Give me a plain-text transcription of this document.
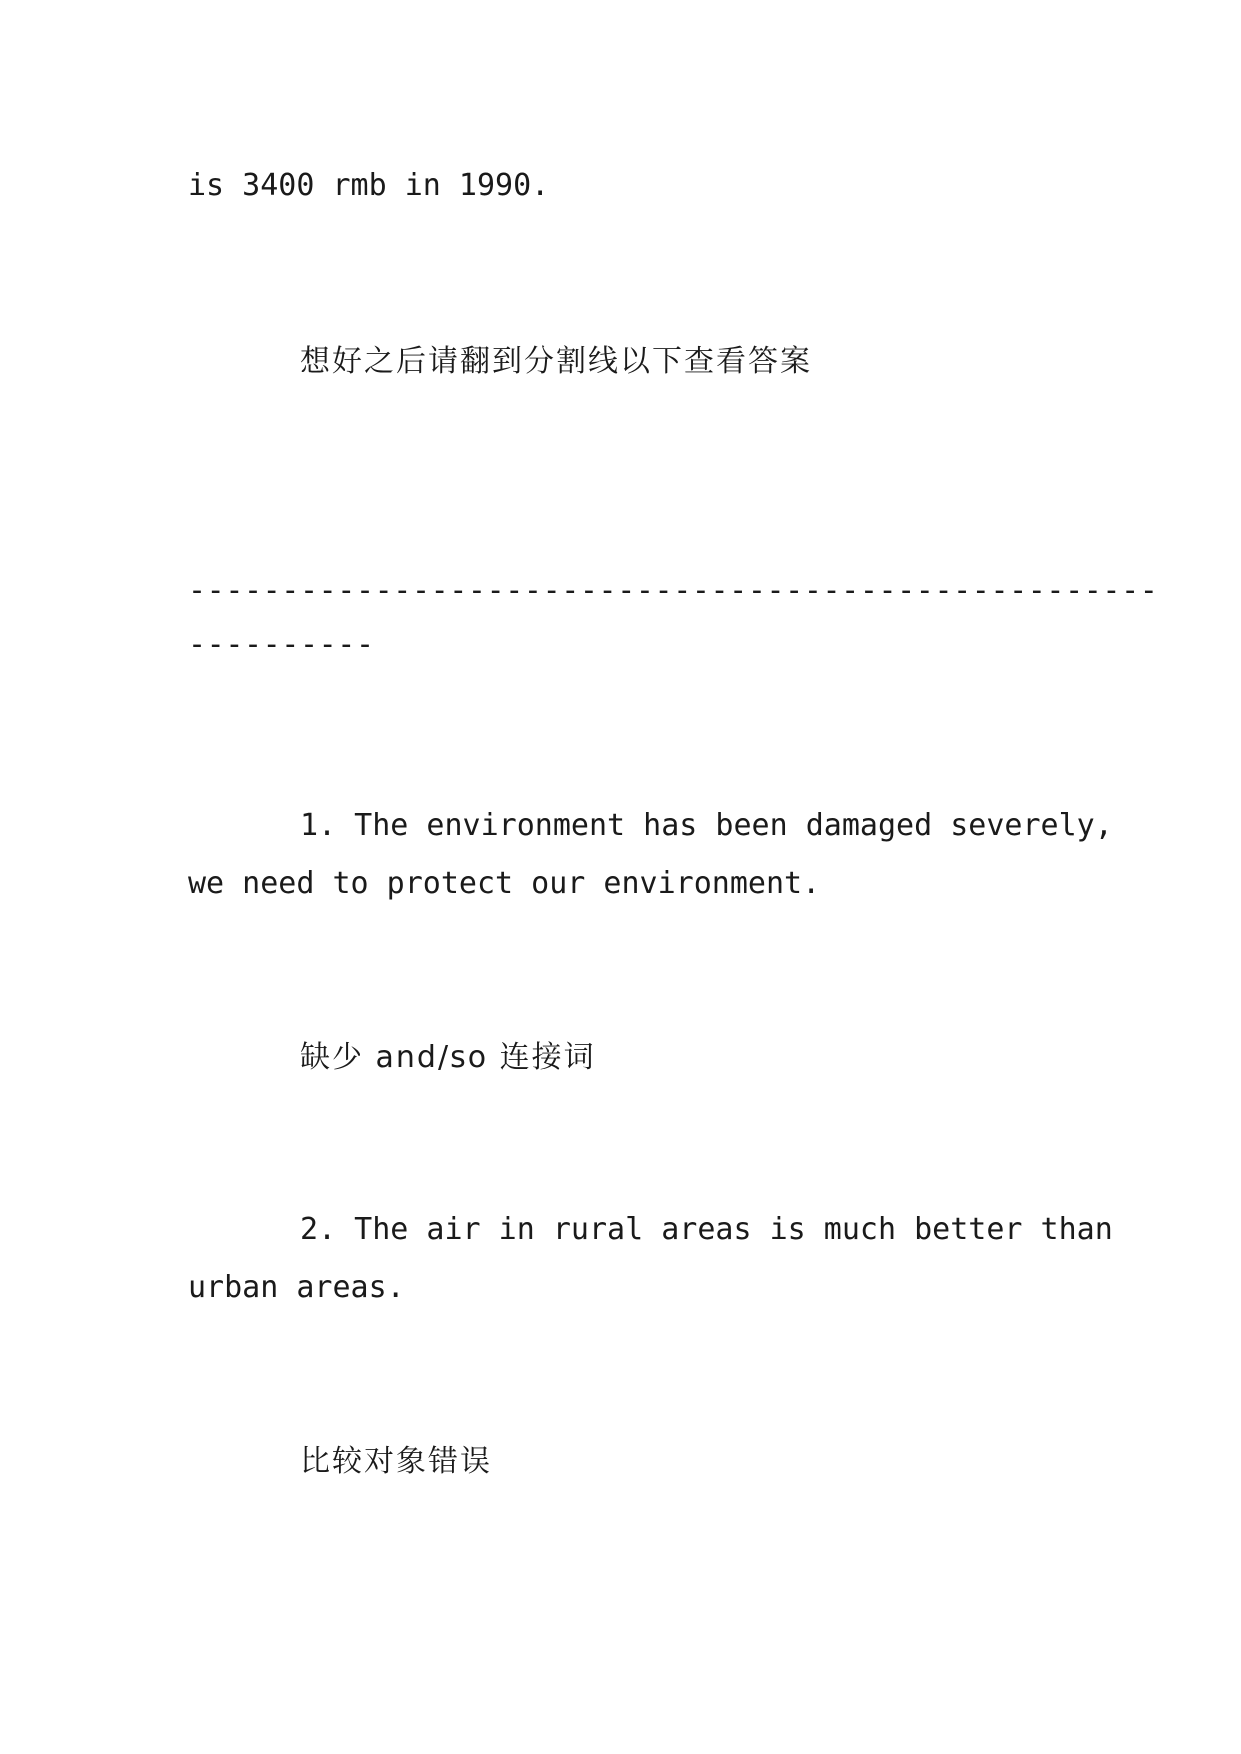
is 3400 rmb in 1990.
想好之后请翻到分割线以下查看答案
----------------------------------------------------
----------
1. The environment has been damaged severely,
we need to protect our environment.
缺少 and/so 连接词
2. The air in rural areas is much better than
urban areas.
比较对象错误
